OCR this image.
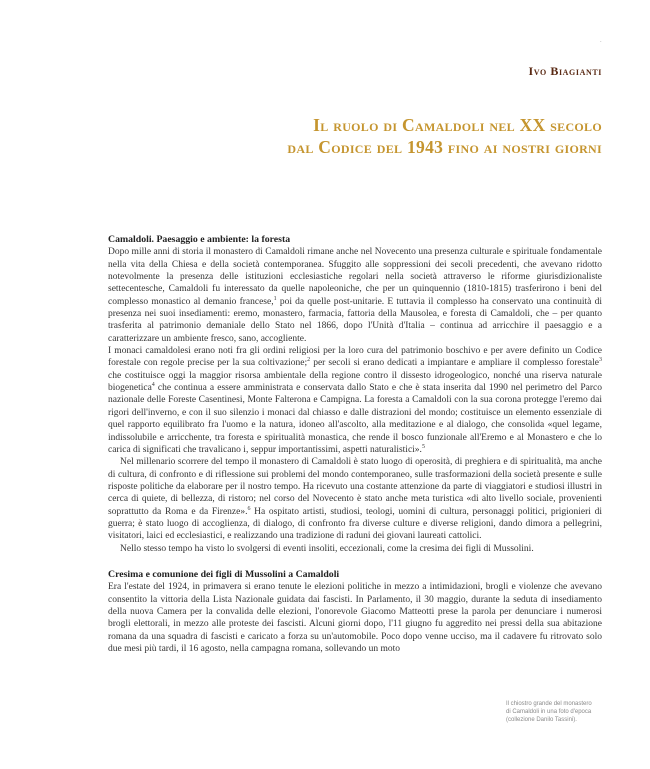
.
Ivo Biagianti
Il ruolo di Camaldoli nel XX secolo
dal Codice del 1943 fino ai nostri giorni
Camaldoli. Paesaggio e ambiente: la foresta

Dopo mille anni di storia il monastero di Camaldoli rimane anche nel Novecento una presenza culturale e spirituale fondamentale nella vita della Chiesa e della società contemporanea. Sfuggito alle soppressioni dei secoli precedenti, che avevano ridotto notevolmente la presenza delle istituzioni ecclesiastiche regolari nella società attraverso le riforme giurisdizionaliste settecentesche, Camaldoli fu interessato da quelle napoleoniche, che per un quinquennio (1810-1815) trasferirono i beni del complesso monastico al demanio francese,$^1$ poi da quelle post-unitarie. E tuttavia il complesso ha conservato una continuità di presenza nei suoi insediamenti: eremo, monastero, farmacia, fattoria della Mausolea, e foresta di Camaldoli, che – per quanto trasferita al patrimonio demaniale dello Stato nel 1866, dopo l'Unità d'Italia – continua ad arricchire il paesaggio e a caratterizzare un ambiente fresco, sano, accogliente.

I monaci camaldolesi erano noti fra gli ordini religiosi per la loro cura del patrimonio boschivo e per avere definito un Codice forestale con regole precise per la sua coltivazione;$^2$ per secoli si erano dedicati a impiantare e ampliare il complesso forestale$^3$ che costituisce oggi la maggior risorsa ambientale della regione contro il dissesto idrogeologico, nonché una riserva naturale biogenetica$^4$ che continua a essere amministrata e conservata dallo Stato e che è stata inserita dal 1990 nel perimetro del Parco nazionale delle Foreste Casentinesi, Monte Falterona e Campigna. La foresta a Camaldoli con la sua corona protegge l'eremo dai rigori dell'inverno, e con il suo silenzio i monaci dal chiasso e dalle distrazioni del mondo; costituisce un elemento essenziale di quel rapporto equilibrato fra l'uomo e la natura, idoneo all'ascolto, alla meditazione e al dialogo, che consolida «quel legame, indissolubile e arricchente, tra foresta e spiritualità monastica, che rende il bosco funzionale all'Eremo e al Monastero e che lo carica di significati che travalicano i, seppur importantissimi, aspetti naturalistici».$^5$

Nel millenario scorrere del tempo il monastero di Camaldoli è stato luogo di operosità, di preghiera e di spiritualità, ma anche di cultura, di confronto e di riflessione sui problemi del mondo contemporaneo, sulle trasformazioni della società presente e sulle risposte politiche da elaborare per il nostro tempo. Ha ricevuto una costante attenzione da parte di viaggiatori e studiosi illustri in cerca di quiete, di bellezza, di ristoro; nel corso del Novecento è stato anche meta turistica «di alto livello sociale, provenienti soprattutto da Roma e da Firenze».$^6$ Ha ospitato artisti, studiosi, teologi, uomini di cultura, personaggi politici, prigionieri di guerra; è stato luogo di accoglienza, di dialogo, di confronto fra diverse culture e diverse religioni, dando dimora a pellegrini, visitatori, laici ed ecclesiastici, e realizzando una tradizione di raduni dei giovani laureati cattolici.

Nello stesso tempo ha visto lo svolgersi di eventi insoliti, eccezionali, come la cresima dei figli di Mussolini.

Cresima e comunione dei figli di Mussolini a Camaldoli

Era l'estate del 1924, in primavera si erano tenute le elezioni politiche in mezzo a intimidazioni, brogli e violenze che avevano consentito la vittoria della Lista Nazionale guidata dai fascisti. In Parlamento, il 30 maggio, durante la seduta di insediamento della nuova Camera per la convalida delle elezioni, l'onorevole Giacomo Matteotti prese la parola per denunciare i numerosi brogli elettorali, in mezzo alle proteste dei fascisti. Alcuni giorni dopo, l'11 giugno fu aggredito nei pressi della sua abitazione romana da una squadra di fascisti e caricato a forza su un'automobile. Poco dopo venne ucciso, ma il cadavere fu ritrovato solo due mesi più tardi, il 16 agosto, nella campagna romana, sollevando un moto

Il chiostro grande del monastero
di Camaldoli in una foto d'epoca
(collezione Danilo Tassini).
